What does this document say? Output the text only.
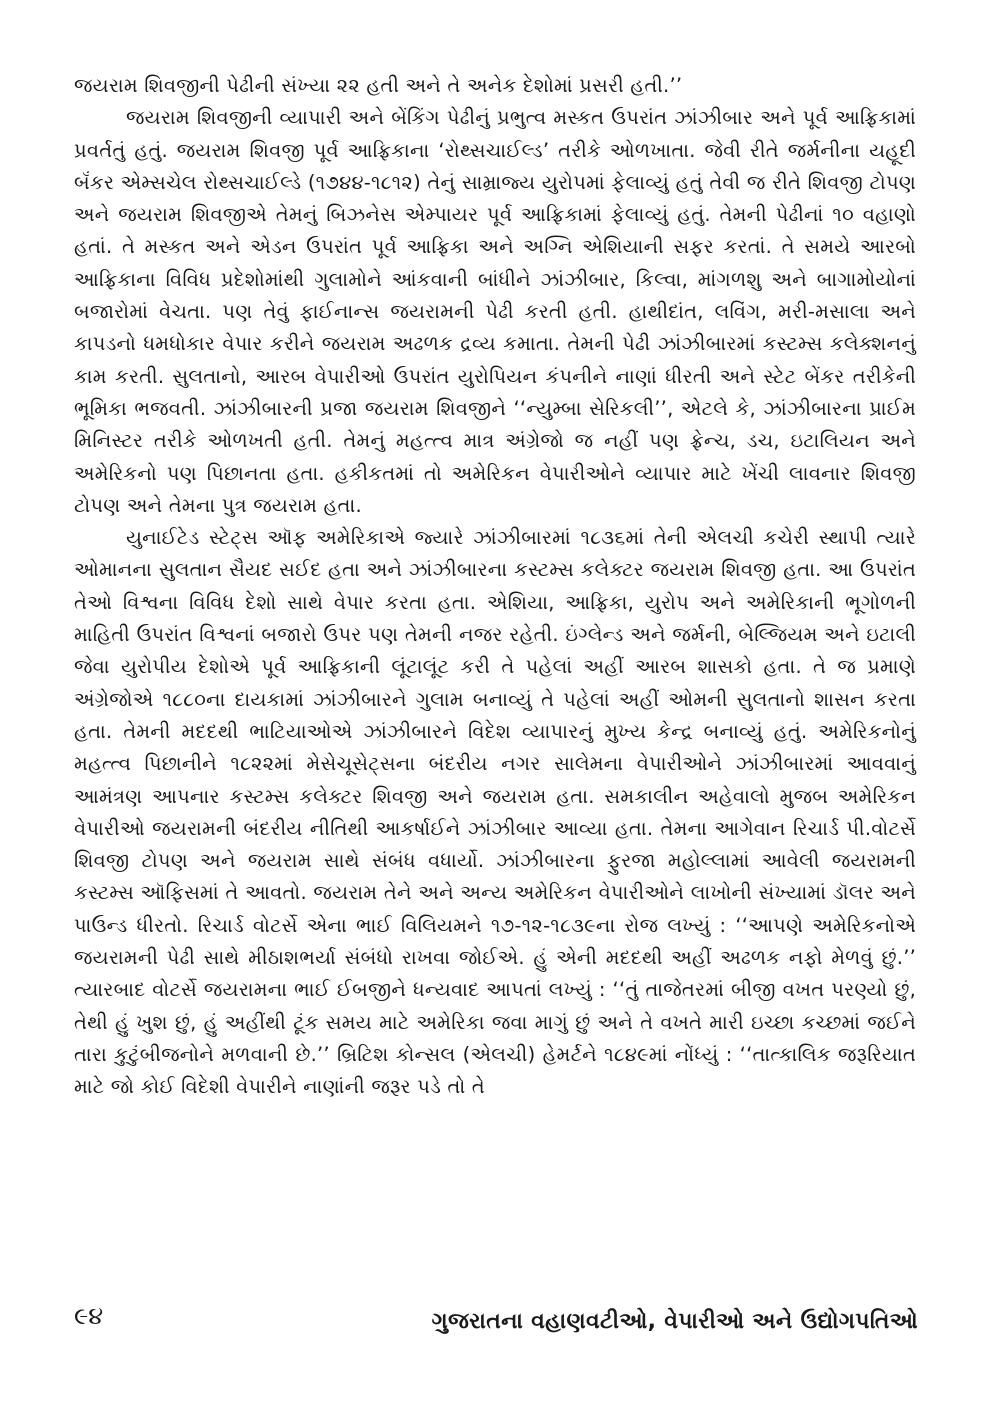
જયરામ શિવજીની પેઢીની સંખ્યા ૨૨ હતી અને તે અનેક દેશોમાં પ્રસરી હતી.’’

જયરામ શિવજીની વ્યાપારી અને બેંકિંગ પેઢીનું પ્રભુત્વ મસ્કત ઉપરાંત ઝાંઝીબાર અને પૂર્વ આફ્રિકામાં પ્રવર્તતું હતું. જયરામ શિવજી પૂર્વ આફ્રિકાના ‘રોથ્સચાઈલ્ડ’ તરીકે ઓળખાતા. જેવી રીતે જર્મનીના યહૂદી બૅંકર એમ્સચેલ રોથ્સચાઈલ્ડે (૧૭૪૪-૧૮૧૨) તેનું સામ્રાજ્ય યુરોપમાં ફેલાવ્યું હતું તેવી જ રીતે શિવજી ટોપણ અને જયરામ શિવજીએ તેમનું બિઝનેસ એમ્પાયર પૂર્વ આફ્રિકામાં ફેલાવ્યું હતું. તેમની પેઢીનાં ૧૦ વહાણો હતાં. તે મસ્કત અને એડન ઉપરાંત પૂર્વ આફ્રિકા અને અગ્નિ એશિયાની સફર કરતાં. તે સમયે આરબો આફ્રિકાના વિવિધ પ્રદેશોમાંથી ગુલામોને આંકવાની બાંધીને ઝાંઝીબાર, કિલ્વા, માંગળશુ અને બાગામોયોનાં બજારોમાં વેચતા. પણ તેવું ફાઈનાન્સ જયરામની પેઢી કરતી હતી. હાથીદાંત, લવિંગ, મરી-મસાલા અને કાપડનો ધમધોકાર વેપાર કરીને જયરામ અઢળક દ્રવ્ય કમાતા. તેમની પેઢી ઝાંઝીબારમાં કસ્ટમ્સ કલેક્શનનું કામ કરતી. સુલતાનો, આરબ વેપારીઓ ઉપરાંત યુરોપિયન કંપનીને નાણાં ધીરતી અને સ્ટેટ બેંકર તરીકેની ભૂમિકા ભજવતી. ઝાંઝીબારની પ્રજા જયરામ શિવજીને ‘‘ન્યુમ્બા સેરિકલી’’, એટલે કે, ઝાંઝીબારના પ્રાઈમ મિનિસ્ટર તરીકે ઓળખતી હતી. તેમનું મહત્ત્વ માત્ર અંગ્રેજો જ નહીં પણ ફ્રેન્ચ, ડચ, ઇટાલિયન અને અમેરિકનો પણ પિછાનતા હતા. હકીકતમાં તો અમેરિકન વેપારીઓને વ્યાપાર માટે ખેંચી લાવનાર શિવજી ટોપણ અને તેમના પુત્ર જયરામ હતા.

યુનાઈટેડ સ્ટેટ્સ ઑફ અમેરિકાએ જ્યારે ઝાંઝીબારમાં ૧૮૩૬માં તેની એલચી કચેરી સ્થાપી ત્યારે ઓમાનના સુલતાન સૈયદ સઈદ હતા અને ઝાંઝીબારના કસ્ટમ્સ કલેક્ટર જયરામ શિવજી હતા. આ ઉપરાંત તેઓ વિશ્વના વિવિધ દેશો સાથે વેપાર કરતા હતા. એશિયા, આફ્રિકા, યુરોપ અને અમેરિકાની ભૂગોળની માહિતી ઉપરાંત વિશ્વનાં બજારો ઉપર પણ તેમની નજર રહેતી. ઇંગ્લેન્ડ અને જર્મની, બેલ્જિયમ અને ઇટાલી જેવા યુરોપીય દેશોએ પૂર્વ આફ્રિકાની લૂંટાલૂંટ કરી તે પહેલાં અહીં આરબ શાસકો હતા. તે જ પ્રમાણે અંગ્રેજોએ ૧૮૮૦ના દાયકામાં ઝાંઝીબારને ગુલામ બનાવ્યું તે પહેલાં અહીં ઓમની સુલતાનો શાસન કરતા હતા. તેમની મદદથી ભાટિયાઓએ ઝાંઝીબારને વિદેશ વ્યાપારનું મુખ્ય કેન્દ્ર બનાવ્યું હતું. અમેરિકનોનું મહત્ત્વ પિછાનીને ૧૮૨૨માં મેસેચૂસેટ્સના બંદરીય નગર સાલેમના વેપારીઓને ઝાંઝીબારમાં આવવાનું આમંત્રણ આપનાર કસ્ટમ્સ કલેક્ટર શિવજી અને જયરામ હતા. સમકાલીન અહેવાલો મુજબ અમેરિકન વેપારીઓ જયરામની બંદરીય નીતિથી આકર્ષાઈને ઝાંઝીબાર આવ્યા હતા. તેમના આગેવાન રિચાર્ડ પી.વોટર્સે શિવજી ટોપણ અને જયરામ સાથે સંબંધ વધાર્યો. ઝાંઝીબારના ફુરજા મહોલ્લામાં આવેલી જયરામની કસ્ટમ્સ ઑફિસમાં તે આવતો. જયરામ તેને અને અન્ય અમેરિકન વેપારીઓને લાખોની સંખ્યામાં ડૉલર અને પાઉન્ડ ધીરતો. રિચાર્ડ વોટર્સે એના ભાઈ વિલિયમને ૧૭-૧૨-૧૮૩૯ના રોજ લખ્યું : ‘‘આપણે અમેરિકનોએ જયરામની પેઢી સાથે મીઠાશભર્યા સંબંધો રાખવા જોઈએ. હું એની મદદથી અહીં અઢળક નફો મેળવું છું.’’ ત્યારબાદ વોટર્સે જયરામના ભાઈ ઈબજીને ધન્યવાદ આપતાં લખ્યું : ‘‘તું તાજેતરમાં બીજી વખત પરણ્યો છું, તેથી હું ખુશ છું, હું અહીંથી ટૂંક સમય માટે અમેરિકા જવા માગું છું અને તે વખતે મારી ઇચ્છા કચ્છમાં જઈને તારા કુટુંબીજનોને મળવાની છે.’’ બ્રિટિશ કોન્સલ (એલચી) હેમર્ટને ૧૮૪૯માં નોંધ્યું : ‘‘તાત્કાલિક જરૂરિયાત માટે જો કોઈ વિદેશી વેપારીને નાણાંની જરૂર પડે તો તે

૯૪	ગુજરાતના વહાણવટીઓ, વેપારીઓ અને ઉદ્યોગપતિઓ
